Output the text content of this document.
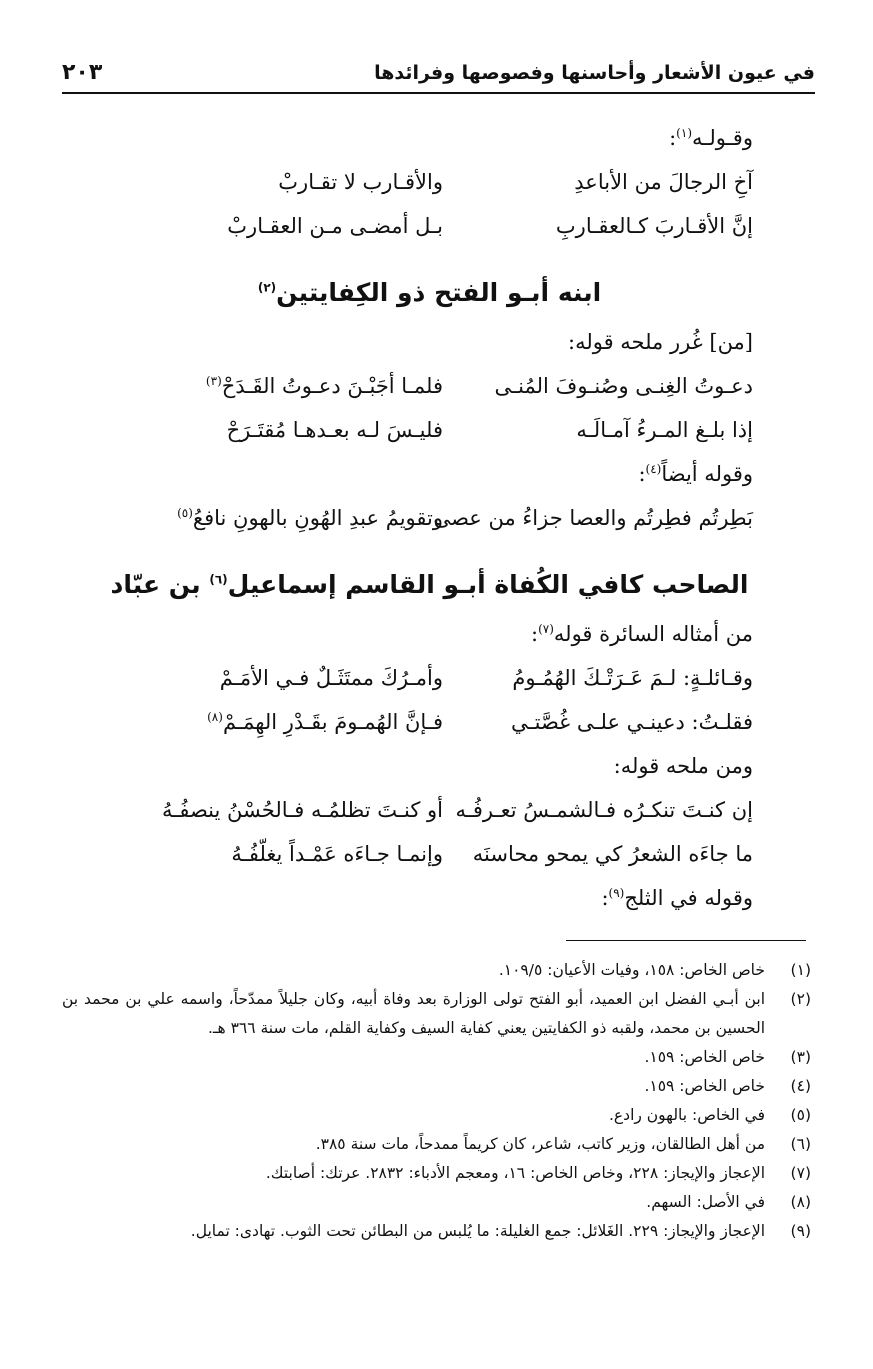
في عيون الأشعار وأحاسنها وفصوصها وفرائدها
٢٠٣
وقـولـه$^{(١)}$:
آخِ الرجالَ من الأباعدِ
والأقـارب لا تقـاربْ
إنَّ الأقـاربَ كـالعقـاربِ
بـل أمضـى مـن العقـاربْ
ابنه أبـو الفتح ذو الكِفايتين$^{(٢)}$
[من] غُرر ملحه قوله:
دعـوتُ الغِنـى وصُنـوفَ المُنـى
فلمـا أجَبْـنَ دعـوتُ القَـدَحْ$^{(٣)}$
إذا بلـغ المـرءُ آمـالَـه
فليـسَ لـه بعـدهـا مُقتَـرَحْ
وقوله أيضاً$^{(٤)}$:
بَطِرتُم فطِرتُم والعصا جزاءُ من عصى
وتقويمُ عبدِ الهُونِ بالهونِ نافعُ$^{(٥)}$
الصاحب كافي الكُفاة أبـو القاسم إسماعيل$^{(٦)}$ بن عبّاد
من أمثاله السائرة قوله$^{(٧)}$:
وقـائلـةٍ: لـمَ عَـرَتْـكَ الهُمُـومُ
وأمـرُكَ ممتَثَـلٌ فـي الأمَـمْ
فقلـتُ: دعينـي علـى غُصَّتـي
فـإنَّ الهُمـومَ بقَـدْرِ الهِمَـمْ$^{(٨)}$
ومن ملحه قوله:
إن كنـتَ تنكـرُه فـالشمـسُ تعـرفُـه
أو كنـتَ تظلمُـه فـالحُسْنُ ينصفُـهُ
ما جاءَه الشعرُ كي يمحو محاسنَه
وإنمـا جـاءَه عَمْـداً يغلّفُـهُ
وقوله في الثلج$^{(٩)}$:
(١)
خاص الخاص: ١٥٨، وفيات الأعيان: ١٠٩/٥.
(٢)
ابن أبـي الفضل ابن العميد، أبو الفتح تولى الوزارة بعد وفاة أبيه، وكان جليلاً ممدّحاً، واسمه علي بن محمد بن الحسين بن محمد، ولقبه ذو الكفايتين يعني كفاية السيف وكفاية القلم، مات سنة ٣٦٦ هـ.
(٣)
خاص الخاص: ١٥٩.
(٤)
خاص الخاص: ١٥٩.
(٥)
في الخاص: بالهون رادع.
(٦)
من أهل الطالقان، وزير كاتب، شاعر، كان كريماً ممدحاً، مات سنة ٣٨٥.
(٧)
الإعجاز والإيجاز: ٢٢٨، وخاص الخاص: ١٦، ومعجم الأدباء: ٢٨٣٢. عرتك: أصابتك.
(٨)
في الأصل: السهم.
(٩)
الإعجاز والإيجاز: ٢٢٩. الغَلائل: جمع الغليلة: ما يُلبس من البطائن تحت الثوب. تهادى: تمايل.
